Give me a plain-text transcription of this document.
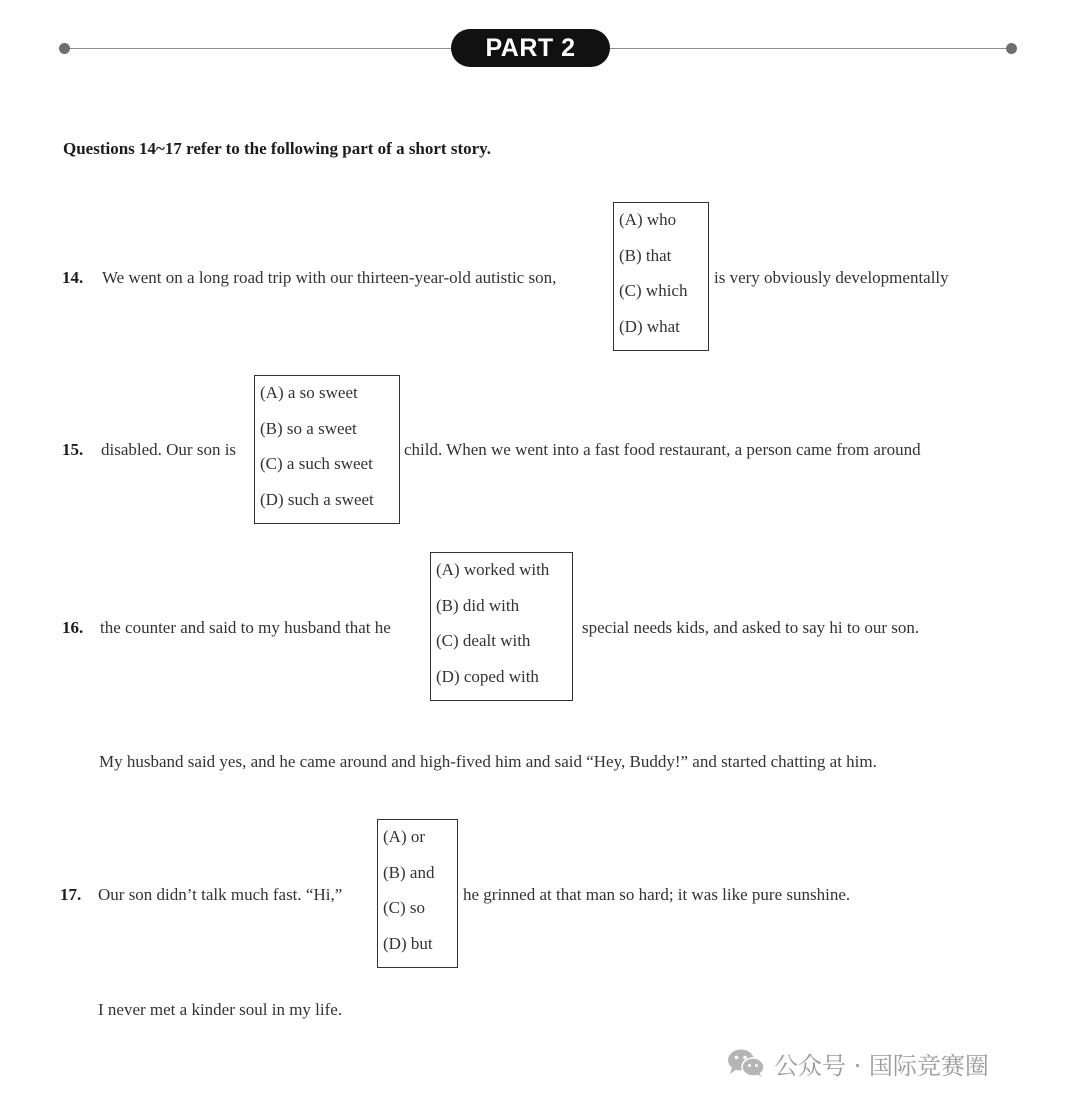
PART 2
Questions 14~17 refer to the following part of a short story.
14. We went on a long road trip with our thirteen-year-old autistic son,
(A) who
(B) that
(C) which
(D) what
is very obviously developmentally
15. disabled. Our son is
(A) a so sweet
(B) so a sweet
(C) a such sweet
(D) such a sweet
child. When we went into a fast food restaurant, a person came from around
16. the counter and said to my husband that he
(A) worked with
(B) did with
(C) dealt with
(D) coped with
special needs kids, and asked to say hi to our son.
My husband said yes, and he came around and high-fived him and said “Hey, Buddy!” and started chatting at him.
17. Our son didn’t talk much fast. “Hi,”
(A) or
(B) and
(C) so
(D) but
he grinned at that man so hard; it was like pure sunshine.
I never met a kinder soul in my life.
公众号 · 国际竞赛圈
